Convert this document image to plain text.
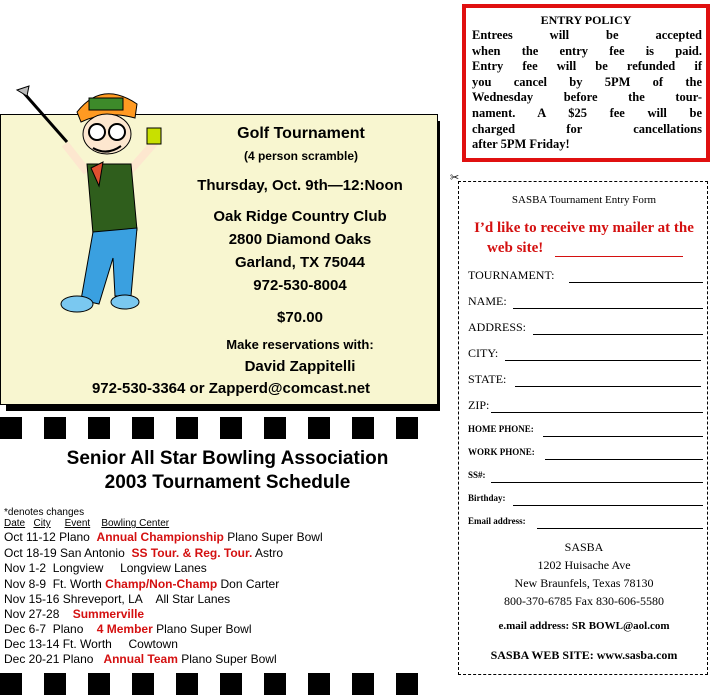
ENTRY POLICY
Entrees will be accepted
when the entry fee is paid.
Entry fee will be refunded if
you cancel by 5PM of the
Wednesday before the tour-
nament. A $25 fee will be
charged for cancellations
after 5PM Friday!
Golf Tournament
(4 person scramble)
Thursday, Oct. 9th—12:Noon
Oak Ridge Country Club
2800 Diamond Oaks
Garland, TX 75044
972-530-8004
$70.00
Make reservations with:
David Zappitelli
972-530-3364 or Zapperd@comcast.net
Senior All Star Bowling Association
2003 Tournament Schedule
*denotes changes
Date City Event Bowling Center
Oct 11-12 Plano Annual Championship Plano Super Bowl
Oct 18-19 San Antonio SS Tour. & Reg. Tour. Astro
Nov 1-2 Longview Longview Lanes
Nov 8-9 Ft. Worth Champ/Non-Champ Don Carter
Nov 15-16 Shreveport, LA All Star Lanes
Nov 27-28 Summerville
Dec 6-7 Plano 4 Member Plano Super Bowl
Dec 13-14 Ft. Worth Cowtown
Dec 20-21 Plano Annual Team Plano Super Bowl
✂
SASBA Tournament Entry Form
I’d like to receive my mailer at the
web site!
TOURNAMENT:
NAME:
ADDRESS:
CITY:
STATE:
ZIP:
HOME PHONE:
WORK PHONE:
SS#:
Birthday:
Email address:
SASBA
1202 Huisache Ave
New Braunfels, Texas 78130
800-370-6785 Fax 830-606-5580
e.mail address: SR BOWL@aol.com
SASBA WEB SITE: www.sasba.com
